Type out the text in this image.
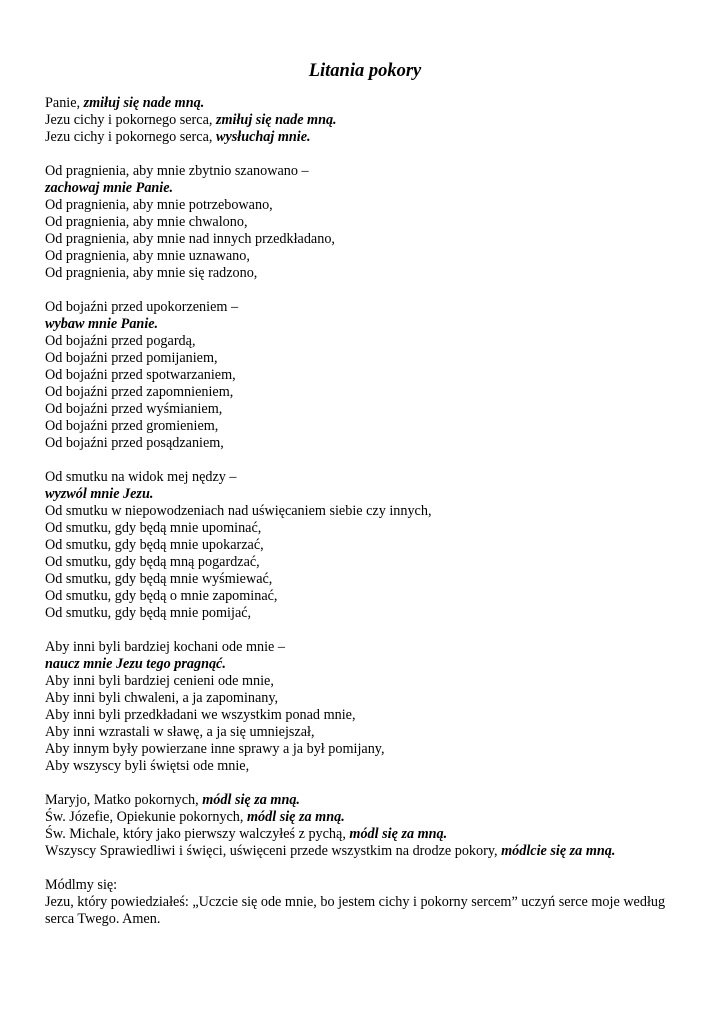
Litania pokory
Panie, zmiłuj się nade mną.
Jezu cichy i pokornego serca, zmiłuj się nade mną.
Jezu cichy i pokornego serca, wysłuchaj mnie.
Od pragnienia, aby mnie zbytnio szanowano –
zachowaj mnie Panie.
Od pragnienia, aby mnie potrzebowano,
Od pragnienia, aby mnie chwalono,
Od pragnienia, aby mnie nad innych przedkładano,
Od pragnienia, aby mnie uznawano,
Od pragnienia, aby mnie się radzono,
Od bojaźni przed upokorzeniem –
wybaw mnie Panie.
Od bojaźni przed pogardą,
Od bojaźni przed pomijaniem,
Od bojaźni przed spotwarzaniem,
Od bojaźni przed zapomnieniem,
Od bojaźni przed wyśmianiem,
Od bojaźni przed gromieniem,
Od bojaźni przed posądzaniem,
Od smutku na widok mej nędzy –
wyzwól mnie Jezu.
Od smutku w niepowodzeniach nad uświęcaniem siebie czy innych,
Od smutku, gdy będą mnie upominać,
Od smutku, gdy będą mnie upokarzać,
Od smutku, gdy będą mną pogardzać,
Od smutku, gdy będą mnie wyśmiewać,
Od smutku, gdy będą o mnie zapominać,
Od smutku, gdy będą mnie pomijać,
Aby inni byli bardziej kochani ode mnie –
naucz mnie Jezu tego pragnąć.
Aby inni byli bardziej cenieni ode mnie,
Aby inni byli chwaleni, a ja zapominany,
Aby inni byli przedkładani we wszystkim ponad mnie,
Aby inni wzrastali w sławę, a ja się umniejszał,
Aby innym były powierzane inne sprawy a ja był pomijany,
Aby wszyscy byli świętsi ode mnie,
Maryjo, Matko pokornych, módl się za mną.
Św. Józefie, Opiekunie pokornych, módl się za mną.
Św. Michale, który jako pierwszy walczyłeś z pychą, módl się za mną.
Wszyscy Sprawiedliwi i święci, uświęceni przede wszystkim na drodze pokory, módlcie się za mną.
Módlmy się:
Jezu, który powiedziałeś: „Uczcie się ode mnie, bo jestem cichy i pokorny sercem” uczyń serce moje według serca Twego. Amen.
